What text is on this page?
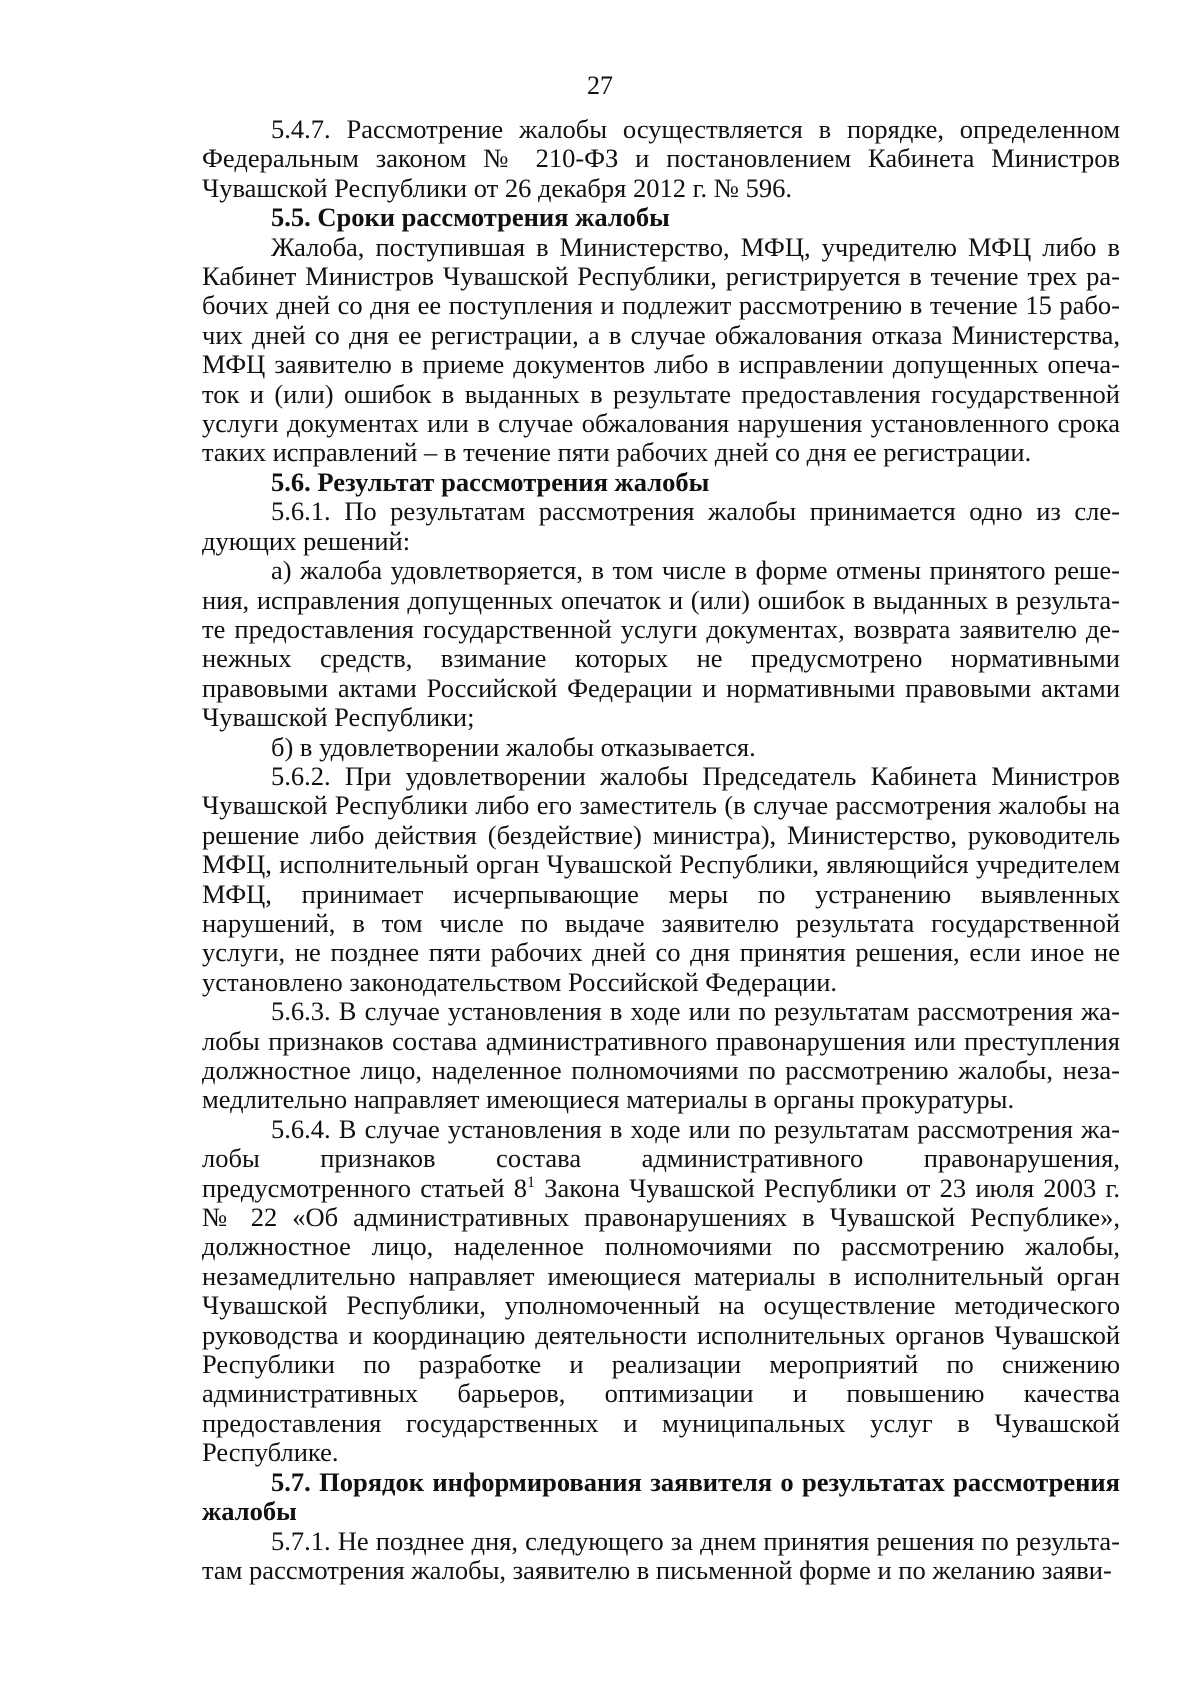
27

5.4.7. Рассмотрение жалобы осуществляется в порядке, определенном Федеральным законом № 210-ФЗ и постановлением Кабинета Министров Чувашской Республики от 26 декабря 2012 г. № 596.

5.5. Сроки рассмотрения жалобы

Жалоба, поступившая в Министерство, МФЦ, учредителю МФЦ либо в Кабинет Министров Чувашской Республики, регистрируется в течение трех рабочих дней со дня ее поступления и подлежит рассмотрению в течение 15 рабочих дней со дня ее регистрации, а в случае обжалования отказа Министерства, МФЦ заявителю в приеме документов либо в исправлении допущенных опечаток и (или) ошибок в выданных в результате предоставления государственной услуги документах или в случае обжалования нарушения установленного срока таких исправлений – в течение пяти рабочих дней со дня ее регистрации.

5.6. Результат рассмотрения жалобы

5.6.1. По результатам рассмотрения жалобы принимается одно из следующих решений:

а) жалоба удовлетворяется, в том числе в форме отмены принятого решения, исправления допущенных опечаток и (или) ошибок в выданных в результате предоставления государственной услуги документах, возврата заявителю денежных средств, взимание которых не предусмотрено нормативными правовыми актами Российской Федерации и нормативными правовыми актами Чувашской Республики;

б) в удовлетворении жалобы отказывается.

5.6.2. При удовлетворении жалобы Председатель Кабинета Министров Чувашской Республики либо его заместитель (в случае рассмотрения жалобы на решение либо действия (бездействие) министра), Министерство, руководитель МФЦ, исполнительный орган Чувашской Республики, являющийся учредителем МФЦ, принимает исчерпывающие меры по устранению выявленных нарушений, в том числе по выдаче заявителю результата государственной услуги, не позднее пяти рабочих дней со дня принятия решения, если иное не установлено законодательством Российской Федерации.

5.6.3. В случае установления в ходе или по результатам рассмотрения жалобы признаков состава административного правонарушения или преступления должностное лицо, наделенное полномочиями по рассмотрению жалобы, незамедлительно направляет имеющиеся материалы в органы прокуратуры.

5.6.4. В случае установления в ходе или по результатам рассмотрения жалобы признаков состава административного правонарушения, предусмотренного статьей $8^1$ Закона Чувашской Республики от 23 июля 2003 г. № 22 «Об административных правонарушениях в Чувашской Республике», должностное лицо, наделенное полномочиями по рассмотрению жалобы, незамедлительно направляет имеющиеся материалы в исполнительный орган Чувашской Республики, уполномоченный на осуществление методического руководства и координацию деятельности исполнительных органов Чувашской Республики по разработке и реализации мероприятий по снижению административных барьеров, оптимизации и повышению качества предоставления государственных и муниципальных услуг в Чувашской Республике.

5.7. Порядок информирования заявителя о результатах рассмотрения жалобы

5.7.1. Не позднее дня, следующего за днем принятия решения по результатам рассмотрения жалобы, заявителю в письменной форме и по желанию заяви-
